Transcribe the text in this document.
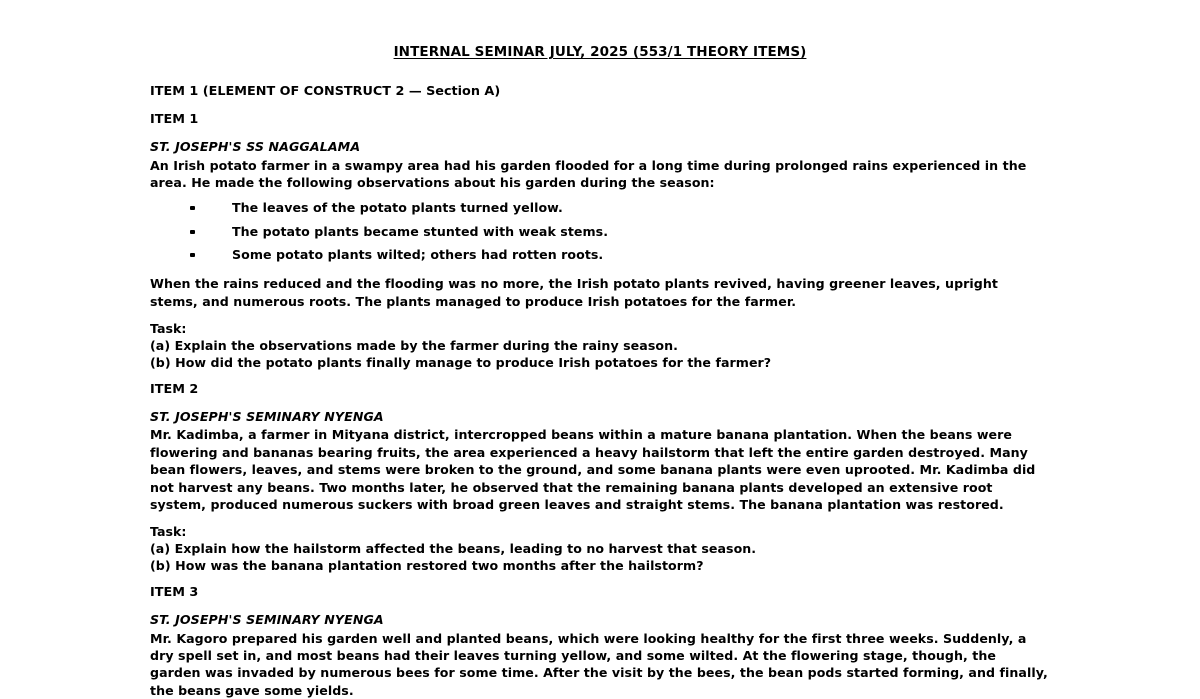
INTERNAL SEMINAR JULY, 2025 (553/1 THEORY ITEMS)
ITEM 1 (ELEMENT OF CONSTRUCT 2 — Section A)
ITEM 1
ST. JOSEPH'S SS NAGGALAMA

An Irish potato farmer in a swampy area had his garden flooded for a long time during prolonged rains experienced in the area. He made the following observations about his garden during the season:

The leaves of the potato plants turned yellow.
The potato plants became stunted with weak stems.
Some potato plants wilted; others had rotten roots.

When the rains reduced and the flooding was no more, the Irish potato plants revived, having greener leaves, upright stems, and numerous roots. The plants managed to produce Irish potatoes for the farmer.

Task:
(a) Explain the observations made by the farmer during the rainy season.
(b) How did the potato plants finally manage to produce Irish potatoes for the farmer?
ITEM 2
ST. JOSEPH'S SEMINARY NYENGA

Mr. Kadimba, a farmer in Mityana district, intercropped beans within a mature banana plantation. When the beans were flowering and bananas bearing fruits, the area experienced a heavy hailstorm that left the entire garden destroyed. Many bean flowers, leaves, and stems were broken to the ground, and some banana plants were even uprooted. Mr. Kadimba did not harvest any beans. Two months later, he observed that the remaining banana plants developed an extensive root system, produced numerous suckers with broad green leaves and straight stems. The banana plantation was restored.

Task:
(a) Explain how the hailstorm affected the beans, leading to no harvest that season.
(b) How was the banana plantation restored two months after the hailstorm?
ITEM 3
ST. JOSEPH'S SEMINARY NYENGA

Mr. Kagoro prepared his garden well and planted beans, which were looking healthy for the first three weeks. Suddenly, a dry spell set in, and most beans had their leaves turning yellow, and some wilted. At the flowering stage, though, the garden was invaded by numerous bees for some time. After the visit by the bees, the bean pods started forming, and finally, the beans gave some yields.
